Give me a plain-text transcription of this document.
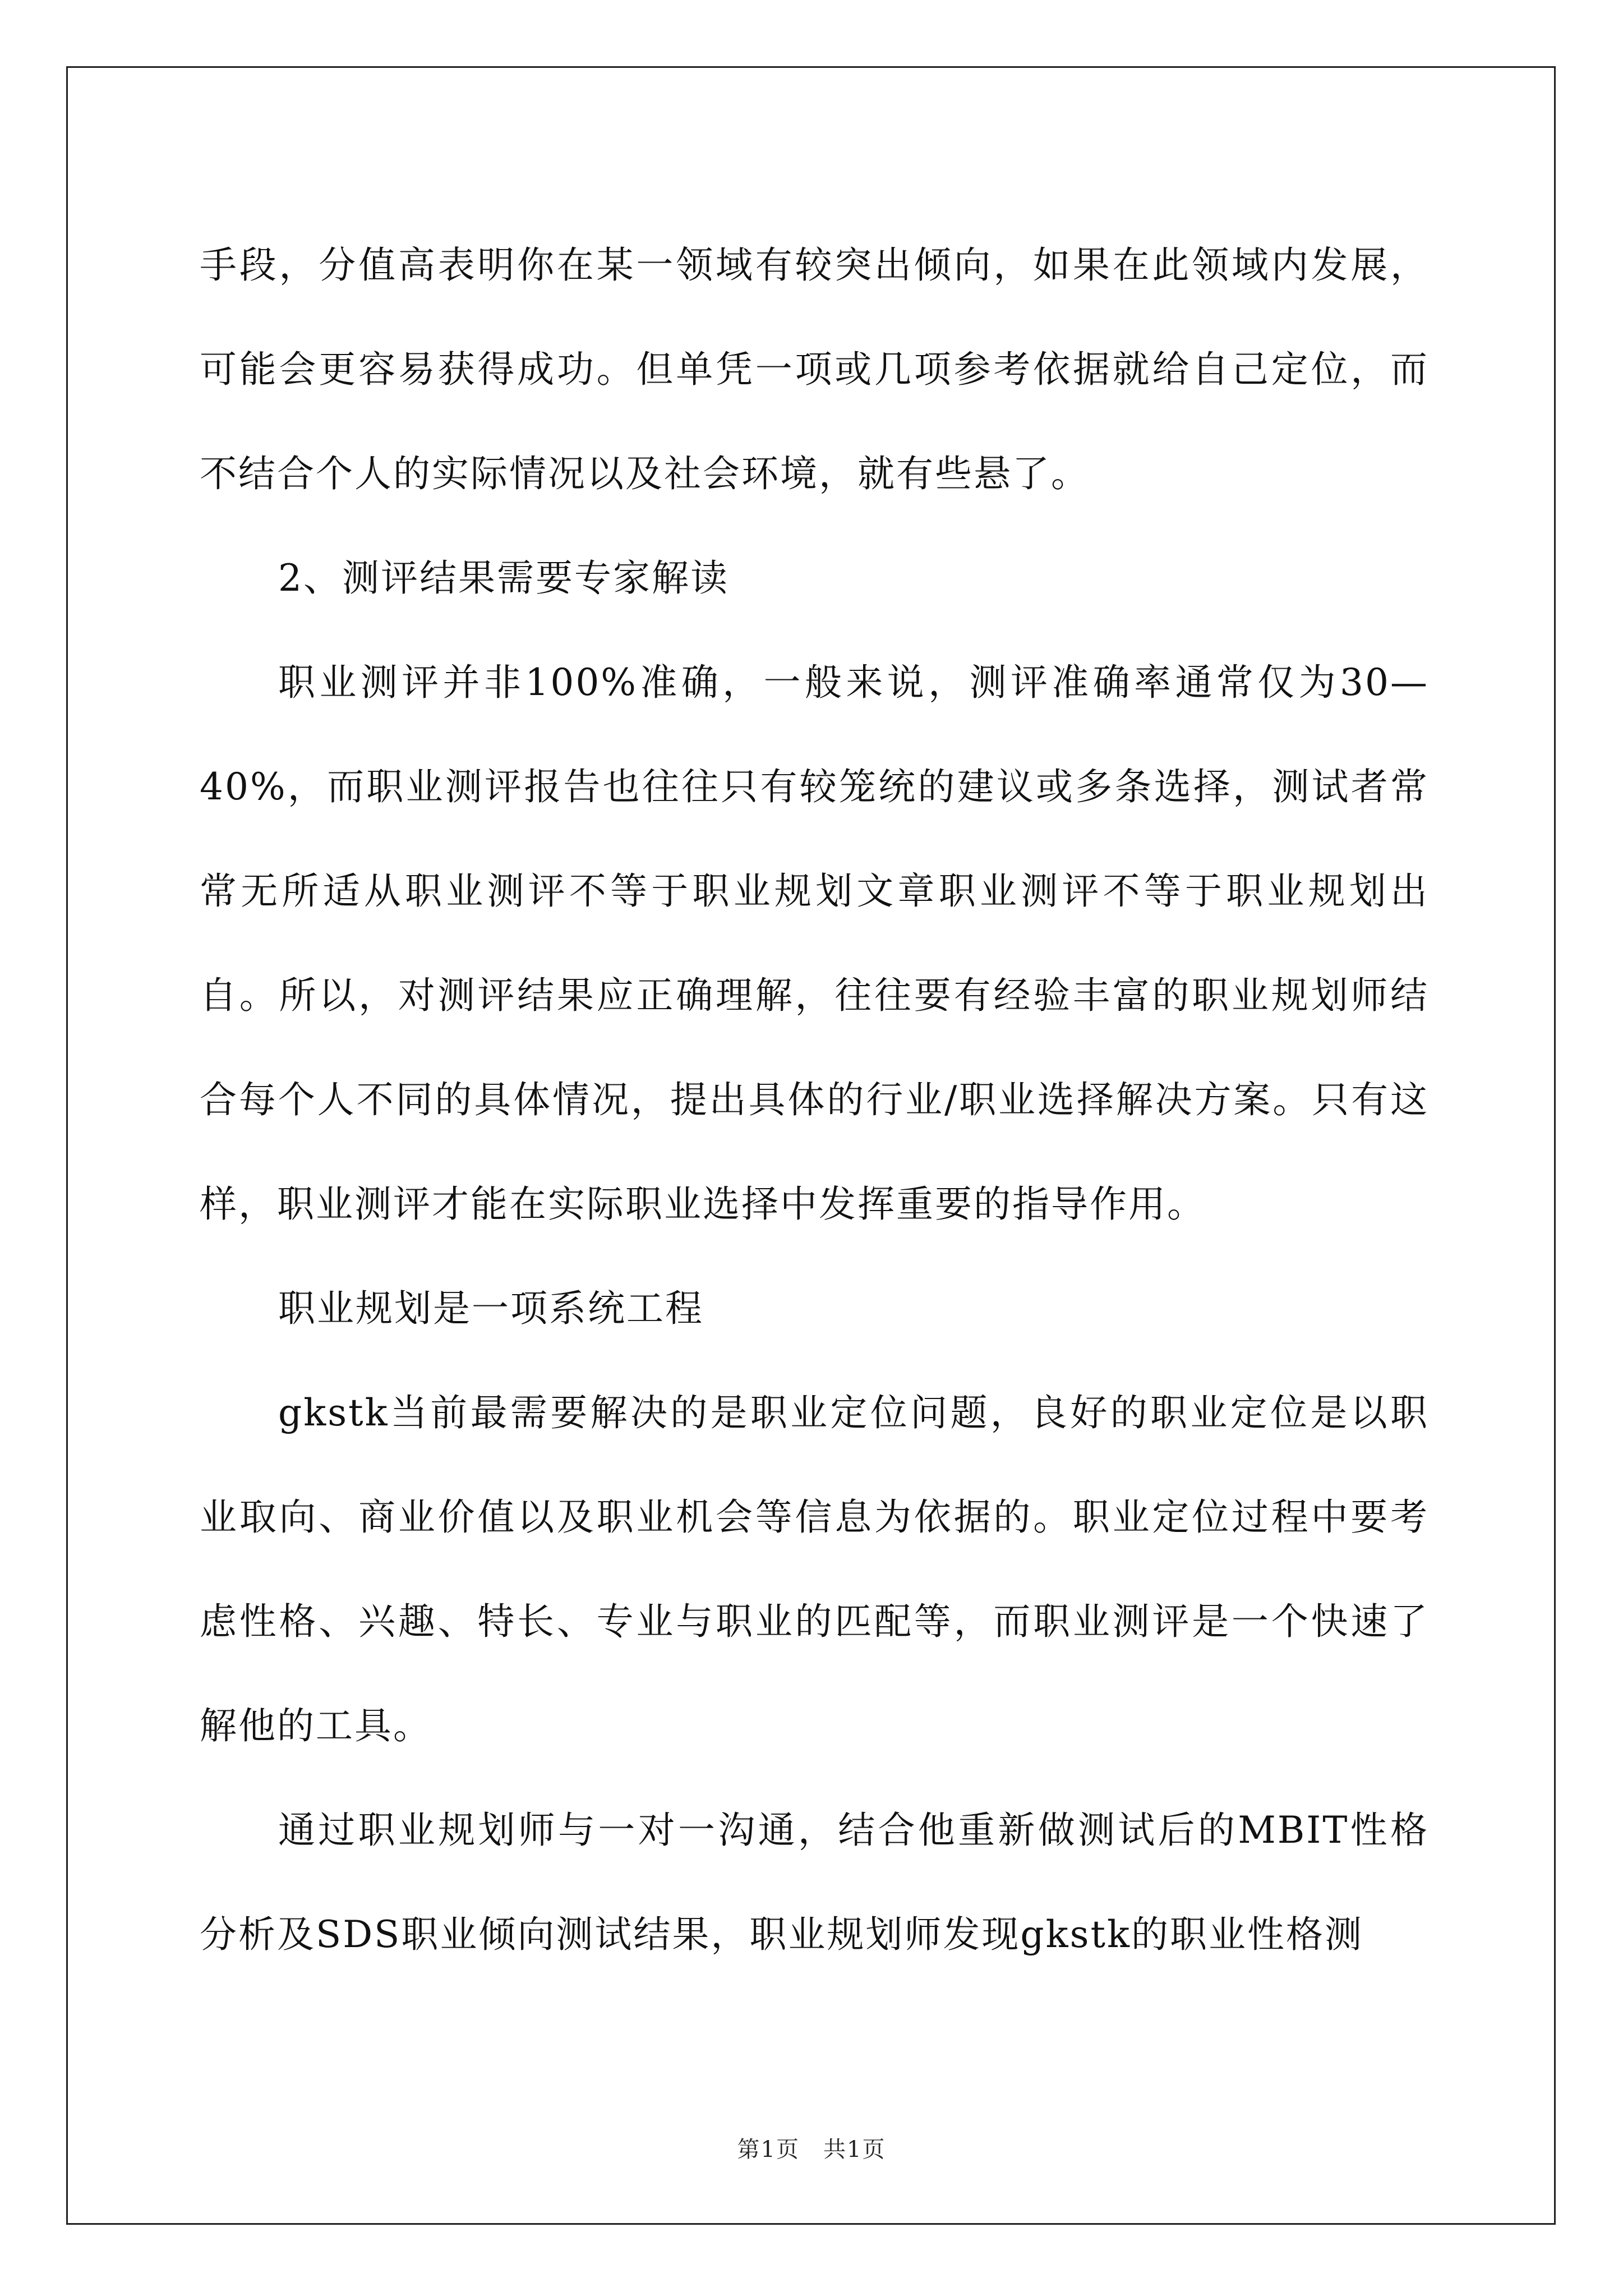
手段，分值高表明你在某一领域有较突出倾向，如果在此领域内发展，可能会更容易获得成功。但单凭一项或几项参考依据就给自己定位，而不结合个人的实际情况以及社会环境，就有些悬了。

2、测评结果需要专家解读

职业测评并非100%准确，一般来说，测评准确率通常仅为30—40%，而职业测评报告也往往只有较笼统的建议或多条选择，测试者常常无所适从职业测评不等于职业规划文章职业测评不等于职业规划出自。所以，对测评结果应正确理解，往往要有经验丰富的职业规划师结合每个人不同的具体情况，提出具体的行业/职业选择解决方案。只有这样，职业测评才能在实际职业选择中发挥重要的指导作用。

职业规划是一项系统工程

gkstk当前最需要解决的是职业定位问题，良好的职业定位是以职业取向、商业价值以及职业机会等信息为依据的。职业定位过程中要考虑性格、兴趣、特长、专业与职业的匹配等，而职业测评是一个快速了解他的工具。

通过职业规划师与一对一沟通，结合他重新做测试后的MBIT性格分析及SDS职业倾向测试结果，职业规划师发现gkstk的职业性格测

第1页　共1页
